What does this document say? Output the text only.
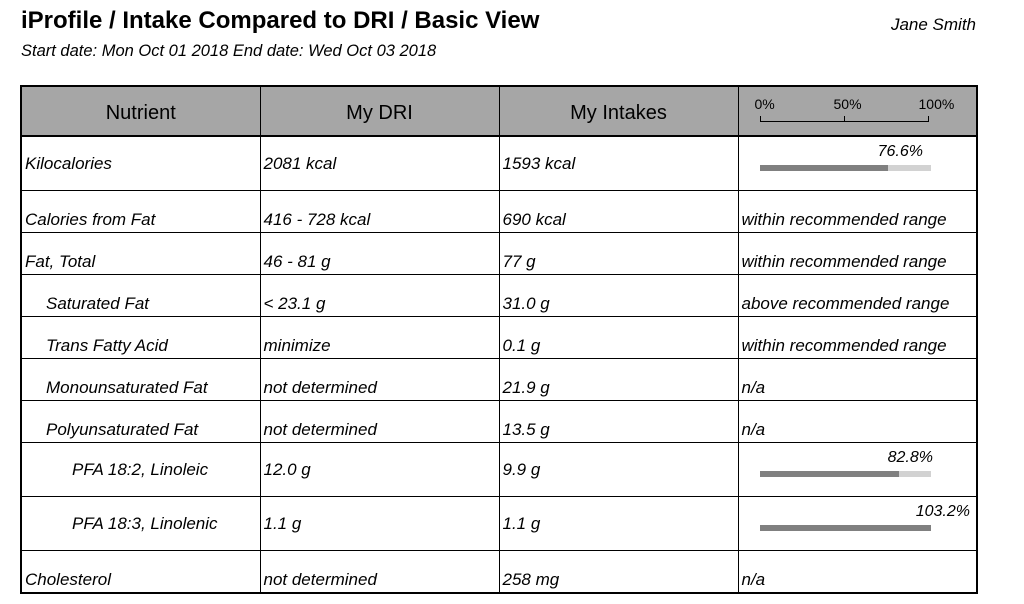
iProfile / Intake Compared to DRI / Basic View	Jane Smith
Start date: Mon Oct 01 2018 End date: Wed Oct 03 2018
Nutrient	My DRI	My Intakes	0% 50% 100%

Kilocalories	2081 kcal	1593 kcal	76.6%

Calories from Fat	416 - 728 kcal	690 kcal	within recommended range
Fat, Total	46 - 81 g	77 g	within recommended range
Saturated Fat	< 23.1 g	31.0 g	above recommended range
Trans Fatty Acid	minimize	0.1 g	within recommended range
Monounsaturated Fat	not determined	21.9 g	n/a
Polyunsaturated Fat	not determined	13.5 g	n/a
PFA 18:2, Linoleic	12.0 g	9.9 g	82.8%

PFA 18:3, Linolenic	1.1 g	1.1 g	103.2%

Cholesterol	not determined	258 mg	n/a
